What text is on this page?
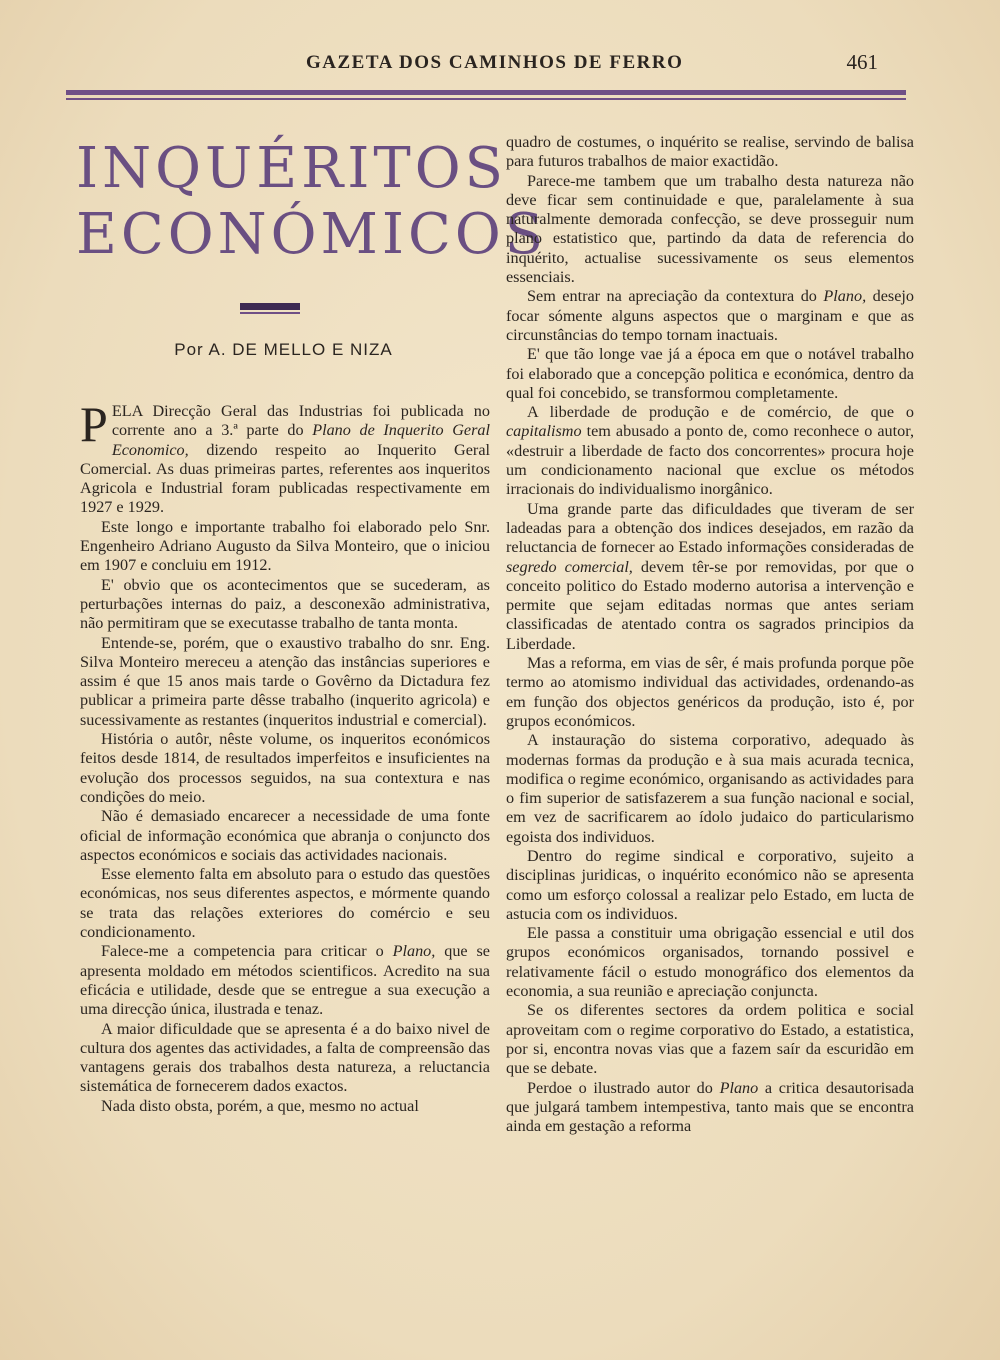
GAZETA DOS CAMINHOS DE FERRO	461
INQUÉRITOS
ECONÓMICOS
Por A. DE MELLO E NIZA

PELA Direcção Geral das Industrias foi publicada no corrente ano a 3.ª parte do Plano de Inquerito Geral Economico, dizendo respeito ao Inquerito Geral Comercial. As duas primeiras partes, referentes aos inqueritos Agricola e Industrial foram publicadas respectivamente em 1927 e 1929.

Este longo e importante trabalho foi elaborado pelo Snr. Engenheiro Adriano Augusto da Silva Monteiro, que o iniciou em 1907 e concluiu em 1912.

E' obvio que os acontecimentos que se sucederam, as perturbações internas do paiz, a desconexão administrativa, não permitiram que se executasse trabalho de tanta monta.

Entende-se, porém, que o exaustivo trabalho do snr. Eng. Silva Monteiro mereceu a atenção das instâncias superiores e assim é que 15 anos mais tarde o Govêrno da Dictadura fez publicar a primeira parte dêsse trabalho (inquerito agricola) e sucessivamente as restantes (inqueritos industrial e comercial).

História o autôr, nêste volume, os inqueritos económicos feitos desde 1814, de resultados imperfeitos e insuficientes na evolução dos processos seguidos, na sua contextura e nas condições do meio.

Não é demasiado encarecer a necessidade de uma fonte oficial de informação económica que abranja o conjuncto dos aspectos económicos e sociais das actividades nacionais.

Esse elemento falta em absoluto para o estudo das questões económicas, nos seus diferentes aspectos, e mórmente quando se trata das relações exteriores do comércio e seu condicionamento.

Falece-me a competencia para criticar o Plano, que se apresenta moldado em métodos scientificos. Acredito na sua eficácia e utilidade, desde que se entregue a sua execução a uma direcção única, ilustrada e tenaz.

A maior dificuldade que se apresenta é a do baixo nivel de cultura dos agentes das actividades, a falta de compreensão das vantagens gerais dos trabalhos desta natureza, a reluctancia sistemática de fornecerem dados exactos.

Nada disto obsta, porém, a que, mesmo no actual

quadro de costumes, o inquérito se realise, servindo de balisa para futuros trabalhos de maior exactidão.

Parece-me tambem que um trabalho desta natureza não deve ficar sem continuidade e que, paralelamente à sua naturalmente demorada confecção, se deve prosseguir num plano estatistico que, partindo da data de referencia do inquérito, actualise sucessivamente os seus elementos essenciais.

Sem entrar na apreciação da contextura do Plano, desejo focar sómente alguns aspectos que o marginam e que as circunstâncias do tempo tornam inactuais.

E' que tão longe vae já a época em que o notável trabalho foi elaborado que a concepção politica e económica, dentro da qual foi concebido, se transformou completamente.

A liberdade de produção e de comércio, de que o capitalismo tem abusado a ponto de, como reconhece o autor, «destruir a liberdade de facto dos concorrentes» procura hoje um condicionamento nacional que exclue os métodos irracionais do individualismo inorgânico.

Uma grande parte das dificuldades que tiveram de ser ladeadas para a obtenção dos indices desejados, em razão da reluctancia de fornecer ao Estado informações consideradas de segredo comercial, devem têr-se por removidas, por que o conceito politico do Estado moderno autorisa a intervenção e permite que sejam editadas normas que antes seriam classificadas de atentado contra os sagrados principios da Liberdade.

Mas a reforma, em vias de sêr, é mais profunda porque põe termo ao atomismo individual das actividades, ordenando-as em função dos objectos genéricos da produção, isto é, por grupos económicos.

A instauração do sistema corporativo, adequado às modernas formas da produção e à sua mais acurada tecnica, modifica o regime económico, organisando as actividades para o fim superior de satisfazerem a sua função nacional e social, em vez de sacrificarem ao ídolo judaico do particularismo egoista dos individuos.

Dentro do regime sindical e corporativo, sujeito a disciplinas juridicas, o inquérito económico não se apresenta como um esforço colossal a realizar pelo Estado, em lucta de astucia com os individuos.

Ele passa a constituir uma obrigação essencial e util dos grupos económicos organisados, tornando possivel e relativamente fácil o estudo monográfico dos elementos da economia, a sua reunião e apreciação conjuncta.

Se os diferentes sectores da ordem politica e social aproveitam com o regime corporativo do Estado, a estatistica, por si, encontra novas vias que a fazem saír da escuridão em que se debate.

Perdoe o ilustrado autor do Plano a critica desautorisada que julgará tambem intempestiva, tanto mais que se encontra ainda em gestação a reforma
